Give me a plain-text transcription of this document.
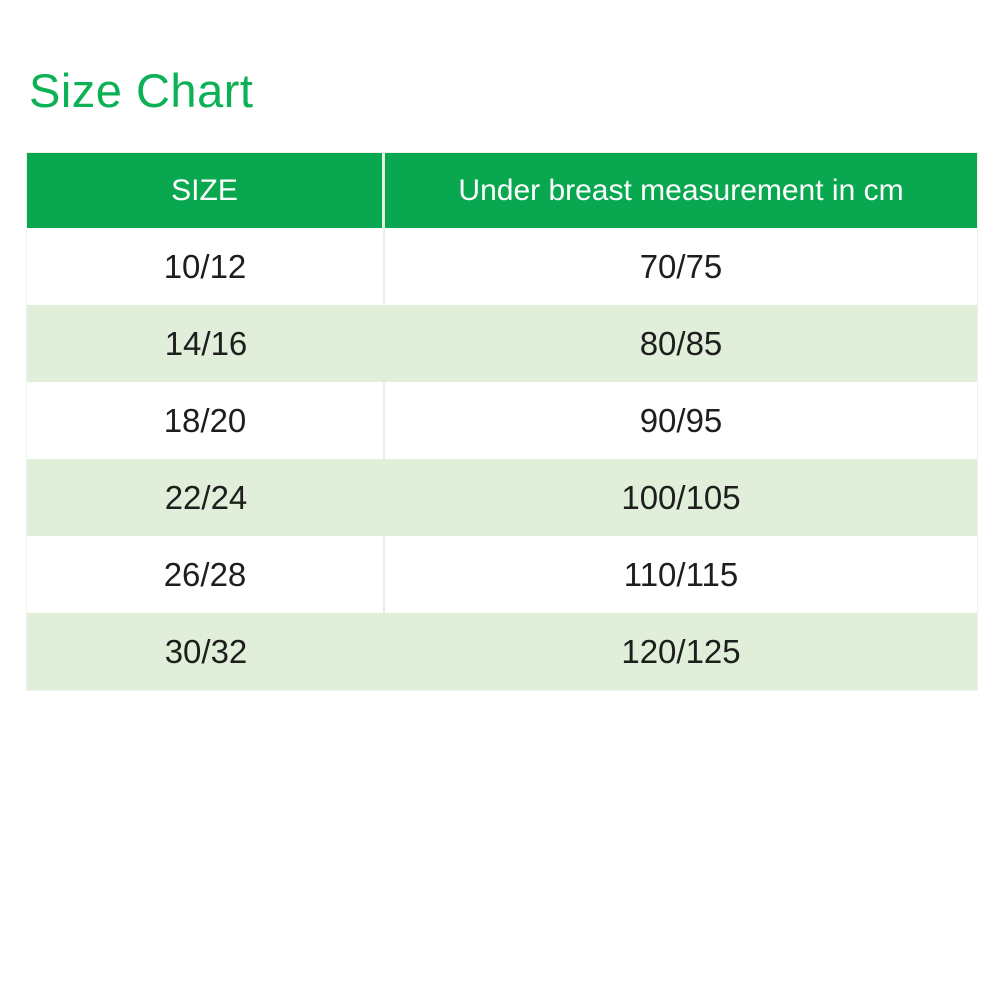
Size Chart
SIZE	Under breast measurement in cm
10/12	70/75
14/16	80/85
18/20	90/95
22/24	100/105
26/28	110/115
30/32	120/125
